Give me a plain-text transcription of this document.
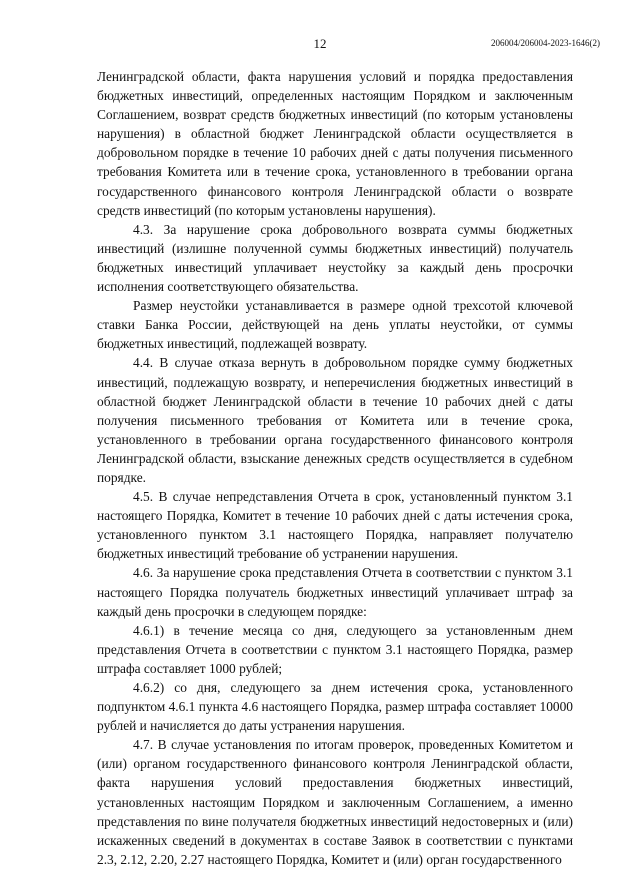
12	206004/206004-2023-1646(2)

Ленинградской области, факта нарушения условий и порядка предоставления бюджетных инвестиций, определенных настоящим Порядком и заключенным Соглашением, возврат средств бюджетных инвестиций (по которым установлены нарушения) в областной бюджет Ленинградской области осуществляется в добровольном порядке в течение 10 рабочих дней с даты получения письменного требования Комитета или в течение срока, установленного в требовании органа государственного финансового контроля Ленинградской области о возврате средств инвестиций (по которым установлены нарушения).

4.3. За нарушение срока добровольного возврата суммы бюджетных инвестиций (излишне полученной суммы бюджетных инвестиций) получатель бюджетных инвестиций уплачивает неустойку за каждый день просрочки исполнения соответствующего обязательства.

Размер неустойки устанавливается в размере одной трехсотой ключевой ставки Банка России, действующей на день уплаты неустойки, от суммы бюджетных инвестиций, подлежащей возврату.

4.4. В случае отказа вернуть в добровольном порядке сумму бюджетных инвестиций, подлежащую возврату, и неперечисления бюджетных инвестиций в областной бюджет Ленинградской области в течение 10 рабочих дней с даты получения письменного требования от Комитета или в течение срока, установленного в требовании органа государственного финансового контроля Ленинградской области, взыскание денежных средств осуществляется в судебном порядке.

4.5. В случае непредставления Отчета в срок, установленный пунктом 3.1 настоящего Порядка, Комитет в течение 10 рабочих дней с даты истечения срока, установленного пунктом 3.1 настоящего Порядка, направляет получателю бюджетных инвестиций требование об устранении нарушения.

4.6. За нарушение срока представления Отчета в соответствии с пунктом 3.1 настоящего Порядка получатель бюджетных инвестиций уплачивает штраф за каждый день просрочки в следующем порядке:

4.6.1) в течение месяца со дня, следующего за установленным днем представления Отчета в соответствии с пунктом 3.1 настоящего Порядка, размер штрафа составляет 1000 рублей;

4.6.2) со дня, следующего за днем истечения срока, установленного подпунктом 4.6.1 пункта 4.6 настоящего Порядка, размер штрафа составляет 10000 рублей и начисляется до даты устранения нарушения.

4.7. В случае установления по итогам проверок, проведенных Комитетом и (или) органом государственного финансового контроля Ленинградской области, факта нарушения условий предоставления бюджетных инвестиций, установленных настоящим Порядком и заключенным Соглашением, а именно представления по вине получателя бюджетных инвестиций недостоверных и (или) искаженных сведений в документах в составе Заявок в соответствии с пунктами 2.3, 2.12, 2.20, 2.27 настоящего Порядка, Комитет и (или) орган государственного
